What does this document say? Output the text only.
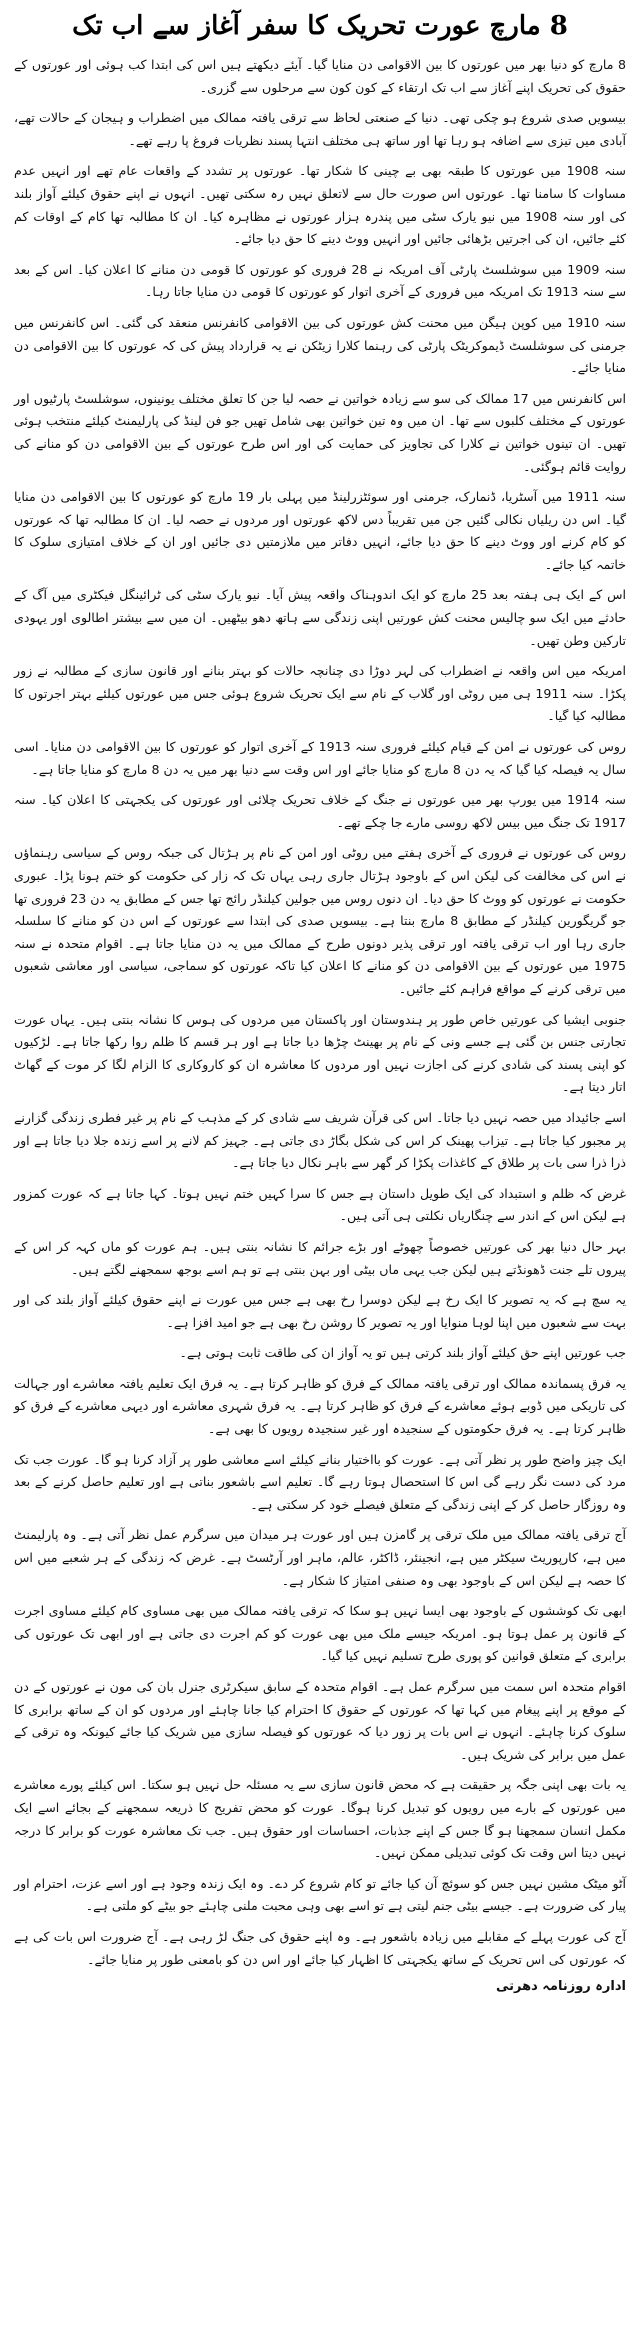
8 مارچ عورت تحریک کا سفر آغاز سے اب تک

8 مارچ کو دنیا بھر میں عورتوں کا بین الاقوامی دن منایا گیا۔ آیئے دیکھتے ہیں اس کی ابتدا کب ہوئی اور عورتوں کے حقوق کی تحریک اپنے آغاز سے اب تک ارتقاء کے کون کون سے مرحلوں سے گزری۔

بیسویں صدی شروع ہو چکی تھی۔ دنیا کے صنعتی لحاظ سے ترقی یافتہ ممالک میں اضطراب و ہیجان کے حالات تھے، آبادی میں تیزی سے اضافہ ہو رہا تھا اور ساتھ ہی مختلف انتہا پسند نظریات فروغ پا رہے تھے۔

سنہ 1908 میں عورتوں کا طبقہ بھی بے چینی کا شکار تھا۔ عورتوں پر تشدد کے واقعات عام تھے اور انہیں عدم مساوات کا سامنا تھا۔ عورتوں اس صورت حال سے لاتعلق نہیں رہ سکتی تھیں۔ انہوں نے اپنے حقوق کیلئے آواز بلند کی اور سنہ 1908 میں نیو یارک سٹی میں پندرہ ہزار عورتوں نے مظاہرہ کیا۔ ان کا مطالبہ تھا کام کے اوقات کم کئے جائیں، ان کی اجرتیں بڑھائی جائیں اور انہیں ووٹ دینے کا حق دیا جائے۔

سنہ 1909 میں سوشلسٹ پارٹی آف امریکہ نے 28 فروری کو عورتوں کا قومی دن منانے کا اعلان کیا۔ اس کے بعد سے سنہ 1913 تک امریکہ میں فروری کے آخری اتوار کو عورتوں کا قومی دن منایا جاتا رہا۔

سنہ 1910 میں کوپن ہیگن میں محنت کش عورتوں کی بین الاقوامی کانفرنس منعقد کی گئی۔ اس کانفرنس میں جرمنی کی سوشلسٹ ڈیموکریٹک پارٹی کی رہنما کلارا زیٹکن نے یہ قرارداد پیش کی کہ عورتوں کا بین الاقوامی دن منایا جائے۔

اس کانفرنس میں 17 ممالک کی سو سے زیادہ خواتین نے حصہ لیا جن کا تعلق مختلف یونینوں، سوشلسٹ پارٹیوں اور عورتوں کے مختلف کلبوں سے تھا۔ ان میں وہ تین خواتین بھی شامل تھیں جو فن لینڈ کی پارلیمنٹ کیلئے منتخب ہوئی تھیں۔ ان تینوں خواتین نے کلارا کی تجاویز کی حمایت کی اور اس طرح عورتوں کے بین الاقوامی دن کو منانے کی روایت قائم ہوگئی۔

سنہ 1911 میں آسٹریا، ڈنمارک، جرمنی اور سوئٹزرلینڈ میں پہلی بار 19 مارچ کو عورتوں کا بین الاقوامی دن منایا گیا۔ اس دن ریلیاں نکالی گئیں جن میں تقریباً دس لاکھ عورتوں اور مردوں نے حصہ لیا۔ ان کا مطالبہ تھا کہ عورتوں کو کام کرنے اور ووٹ دینے کا حق دیا جائے، انہیں دفاتر میں ملازمتیں دی جائیں اور ان کے خلاف امتیازی سلوک کا خاتمہ کیا جائے۔

اس کے ایک ہی ہفتہ بعد 25 مارچ کو ایک اندوہناک واقعہ پیش آیا۔ نیو یارک سٹی کی ٹرائینگل فیکٹری میں آگ کے حادثے میں ایک سو چالیس محنت کش عورتیں اپنی زندگی سے ہاتھ دھو بیٹھیں۔ ان میں سے بیشتر اطالوی اور یہودی تارکین وطن تھیں۔

امریکہ میں اس واقعہ نے اضطراب کی لہر دوڑا دی چنانچہ حالات کو بہتر بنانے اور قانون سازی کے مطالبہ نے زور پکڑا۔ سنہ 1911 ہی میں روٹی اور گلاب کے نام سے ایک تحریک شروع ہوئی جس میں عورتوں کیلئے بہتر اجرتوں کا مطالبہ کیا گیا۔

روس کی عورتوں نے امن کے قیام کیلئے فروری سنہ 1913 کے آخری اتوار کو عورتوں کا بین الاقوامی دن منایا۔ اسی سال یہ فیصلہ کیا گیا کہ یہ دن 8 مارچ کو منایا جائے اور اس وقت سے دنیا بھر میں یہ دن 8 مارچ کو منایا جاتا ہے۔

سنہ 1914 میں یورپ بھر میں عورتوں نے جنگ کے خلاف تحریک چلائی اور عورتوں کی یکجہتی کا اعلان کیا۔ سنہ 1917 تک جنگ میں بیس لاکھ روسی مارے جا چکے تھے۔

روس کی عورتوں نے فروری کے آخری ہفتے میں روٹی اور امن کے نام پر ہڑتال کی جبکہ روس کے سیاسی رہنماؤں نے اس کی مخالفت کی لیکن اس کے باوجود ہڑتال جاری رہی یہاں تک کہ زار کی حکومت کو ختم ہونا پڑا۔ عبوری حکومت نے عورتوں کو ووٹ کا حق دیا۔ ان دنوں روس میں جولین کیلنڈر رائج تھا جس کے مطابق یہ دن 23 فروری تھا جو گریگورین کیلنڈر کے مطابق 8 مارچ بنتا ہے۔ بیسویں صدی کی ابتدا سے عورتوں کے اس دن کو منانے کا سلسلہ جاری رہا اور اب ترقی یافتہ اور ترقی پذیر دونوں طرح کے ممالک میں یہ دن منایا جاتا ہے۔ اقوام متحدہ نے سنہ 1975 میں عورتوں کے بین الاقوامی دن کو منانے کا اعلان کیا تاکہ عورتوں کو سماجی، سیاسی اور معاشی شعبوں میں ترقی کرنے کے مواقع فراہم کئے جائیں۔

جنوبی ایشیا کی عورتیں خاص طور پر ہندوستان اور پاکستان میں مردوں کی ہوس کا نشانہ بنتی ہیں۔ یہاں عورت تجارتی جنس بن گئی ہے جسے ونی کے نام پر بھینٹ چڑھا دیا جاتا ہے اور ہر قسم کا ظلم روا رکھا جاتا ہے۔ لڑکیوں کو اپنی پسند کی شادی کرنے کی اجازت نہیں اور مردوں کا معاشرہ ان کو کاروکاری کا الزام لگا کر موت کے گھاٹ اتار دیتا ہے۔

اسے جائیداد میں حصہ نہیں دیا جاتا۔ اس کی قرآن شریف سے شادی کر کے مذہب کے نام پر غیر فطری زندگی گزارنے پر مجبور کیا جاتا ہے۔ تیزاب پھینک کر اس کی شکل بگاڑ دی جاتی ہے۔ جہیز کم لانے پر اسے زندہ جلا دیا جاتا ہے اور ذرا ذرا سی بات پر طلاق کے کاغذات پکڑا کر گھر سے باہر نکال دیا جاتا ہے۔

غرض کہ ظلم و استبداد کی ایک طویل داستان ہے جس کا سرا کہیں ختم نہیں ہوتا۔ کہا جاتا ہے کہ عورت کمزور ہے لیکن اس کے اندر سے چنگاریاں نکلتی ہی آتی ہیں۔

بہر حال دنیا بھر کی عورتیں خصوصاً چھوٹے اور بڑے جرائم کا نشانہ بنتی ہیں۔ ہم عورت کو ماں کہہ کر اس کے پیروں تلے جنت ڈھونڈتے ہیں لیکن جب یہی ماں بیٹی اور بہن بنتی ہے تو ہم اسے بوجھ سمجھنے لگتے ہیں۔

یہ سچ ہے کہ یہ تصویر کا ایک رخ ہے لیکن دوسرا رخ بھی ہے جس میں عورت نے اپنے حقوق کیلئے آواز بلند کی اور بہت سے شعبوں میں اپنا لوہا منوایا اور یہ تصویر کا روشن رخ بھی ہے جو امید افزا ہے۔

جب عورتیں اپنے حق کیلئے آواز بلند کرتی ہیں تو یہ آواز ان کی طاقت ثابت ہوتی ہے۔

یہ فرق پسماندہ ممالک اور ترقی یافتہ ممالک کے فرق کو ظاہر کرتا ہے۔ یہ فرق ایک تعلیم یافتہ معاشرے اور جہالت کی تاریکی میں ڈوبے ہوئے معاشرے کے فرق کو ظاہر کرتا ہے۔ یہ فرق شہری معاشرے اور دیہی معاشرے کے فرق کو ظاہر کرتا ہے۔ یہ فرق حکومتوں کے سنجیدہ اور غیر سنجیدہ رویوں کا بھی ہے۔

ایک چیز واضح طور پر نظر آتی ہے۔ عورت کو بااختیار بنانے کیلئے اسے معاشی طور پر آزاد کرنا ہو گا۔ عورت جب تک مرد کی دست نگر رہے گی اس کا استحصال ہوتا رہے گا۔ تعلیم اسے باشعور بناتی ہے اور تعلیم حاصل کرنے کے بعد وہ روزگار حاصل کر کے اپنی زندگی کے متعلق فیصلے خود کر سکتی ہے۔

آج ترقی یافتہ ممالک میں ملک ترقی پر گامزن ہیں اور عورت ہر میدان میں سرگرم عمل نظر آتی ہے۔ وہ پارلیمنٹ میں ہے، کارپوریٹ سیکٹر میں ہے، انجینئر، ڈاکٹر، عالم، ماہر اور آرٹسٹ ہے۔ غرض کہ زندگی کے ہر شعبے میں اس کا حصہ ہے لیکن اس کے باوجود بھی وہ صنفی امتیاز کا شکار ہے۔

ابھی تک کوششوں کے باوجود بھی ایسا نہیں ہو سکا کہ ترقی یافتہ ممالک میں بھی مساوی کام کیلئے مساوی اجرت کے قانون پر عمل ہوتا ہو۔ امریکہ جیسے ملک میں بھی عورت کو کم اجرت دی جاتی ہے اور ابھی تک عورتوں کی برابری کے متعلق قوانین کو پوری طرح تسلیم نہیں کیا گیا۔

اقوام متحدہ اس سمت میں سرگرم عمل ہے۔ اقوام متحدہ کے سابق سیکرٹری جنرل بان کی مون نے عورتوں کے دن کے موقع پر اپنے پیغام میں کہا تھا کہ عورتوں کے حقوق کا احترام کیا جانا چاہئے اور مردوں کو ان کے ساتھ برابری کا سلوک کرنا چاہئے۔ انہوں نے اس بات پر زور دیا کہ عورتوں کو فیصلہ سازی میں شریک کیا جائے کیونکہ وہ ترقی کے عمل میں برابر کی شریک ہیں۔

یہ بات بھی اپنی جگہ پر حقیقت ہے کہ محض قانون سازی سے یہ مسئلہ حل نہیں ہو سکتا۔ اس کیلئے پورے معاشرے میں عورتوں کے بارے میں رویوں کو تبدیل کرنا ہوگا۔ عورت کو محض تفریح کا ذریعہ سمجھنے کے بجائے اسے ایک مکمل انسان سمجھنا ہو گا جس کے اپنے جذبات، احساسات اور حقوق ہیں۔ جب تک معاشرہ عورت کو برابر کا درجہ نہیں دیتا اس وقت تک کوئی تبدیلی ممکن نہیں۔

آٹو میٹک مشین نہیں جس کو سوئچ آن کیا جائے تو کام شروع کر دے۔ وہ ایک زندہ وجود ہے اور اسے عزت، احترام اور پیار کی ضرورت ہے۔ جیسے بیٹی جنم لیتی ہے تو اسے بھی وہی محبت ملنی چاہئے جو بیٹے کو ملتی ہے۔

آج کی عورت پہلے کے مقابلے میں زیادہ باشعور ہے۔ وہ اپنے حقوق کی جنگ لڑ رہی ہے۔ آج ضرورت اس بات کی ہے کہ عورتوں کی اس تحریک کے ساتھ یکجہتی کا اظہار کیا جائے اور اس دن کو بامعنی طور پر منایا جائے۔

ادارہ روزنامہ دھرتی
